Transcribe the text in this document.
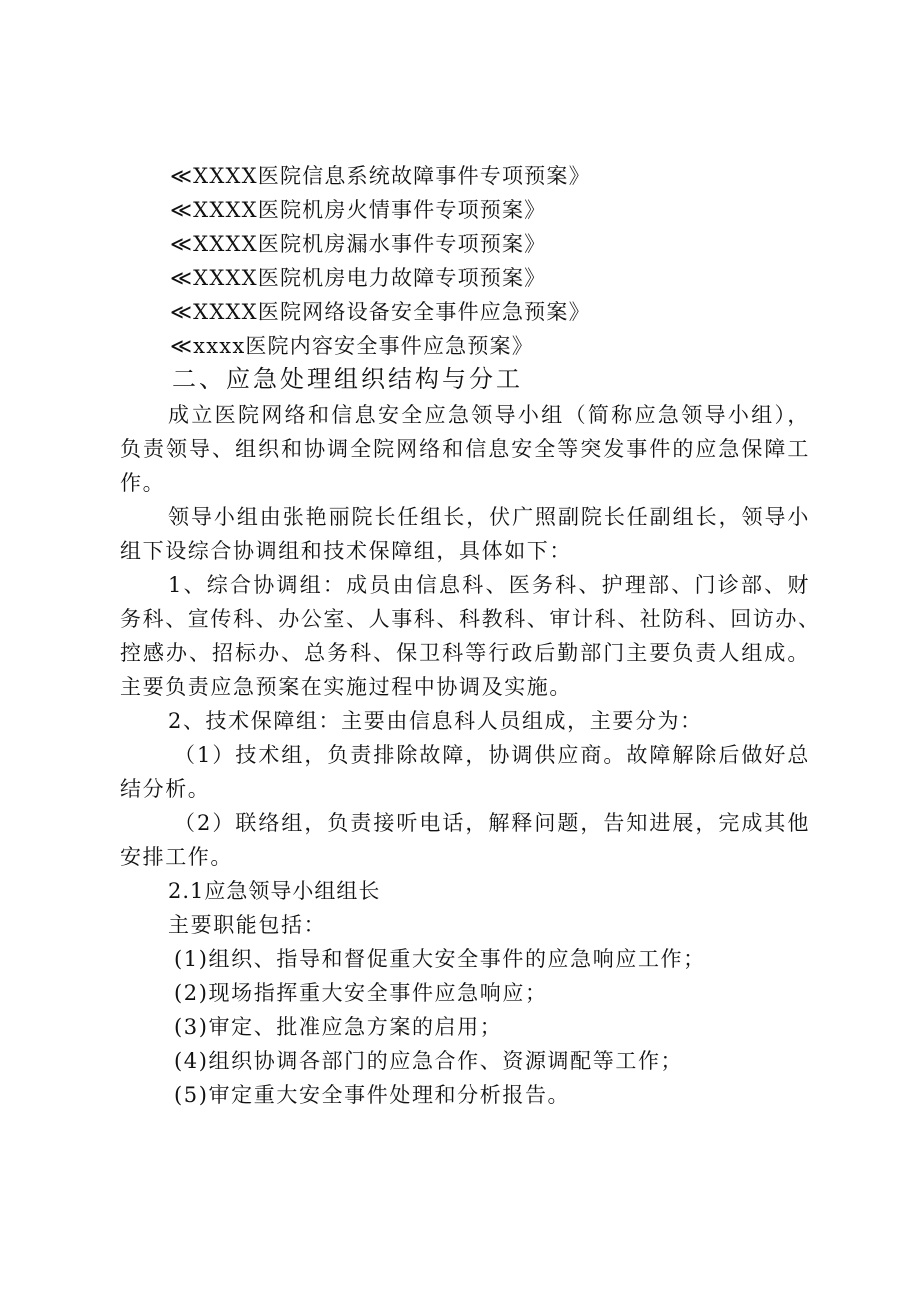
≪XXXX医院信息系统故障事件专项预案》
≪XXXX医院机房火情事件专项预案》
≪XXXX医院机房漏水事件专项预案》
≪XXXX医院机房电力故障专项预案》
≪XXXX医院网络设备安全事件应急预案》
≪xxxx医院内容安全事件应急预案》
二、应急处理组织结构与分工
成立医院网络和信息安全应急领导小组（简称应急领导小组），
负责领导、组织和协调全院网络和信息安全等突发事件的应急保障工
作。
领导小组由张艳丽院长任组长，伏广照副院长任副组长，领导小
组下设综合协调组和技术保障组，具体如下：
1、综合协调组：成员由信息科、医务科、护理部、门诊部、财
务科、宣传科、办公室、人事科、科教科、审计科、社防科、回访办、
控感办、招标办、总务科、保卫科等行政后勤部门主要负责人组成。
主要负责应急预案在实施过程中协调及实施。
2、技术保障组：主要由信息科人员组成，主要分为：
（1）技术组，负责排除故障，协调供应商。故障解除后做好总
结分析。
（2）联络组，负责接听电话，解释问题，告知进展，完成其他
安排工作。
2.1应急领导小组组长
主要职能包括：
(1)组织、指导和督促重大安全事件的应急响应工作；
(2)现场指挥重大安全事件应急响应；
(3)审定、批准应急方案的启用；
(4)组织协调各部门的应急合作、资源调配等工作；
(5)审定重大安全事件处理和分析报告。
